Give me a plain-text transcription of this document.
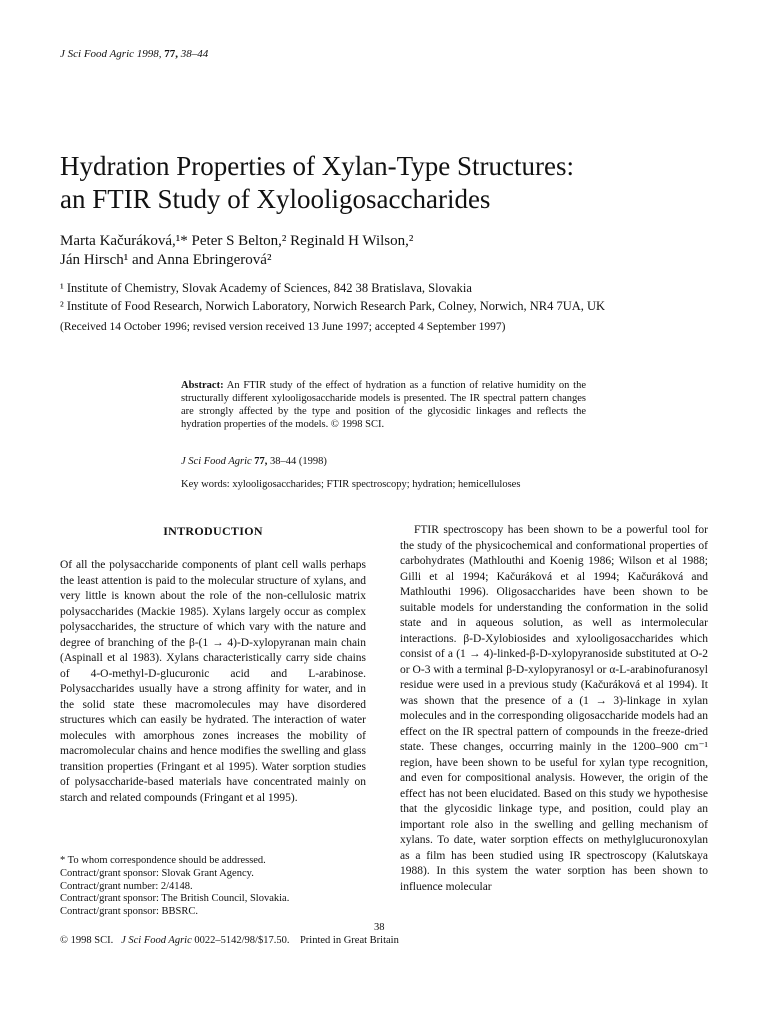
J Sci Food Agric 1998, 77, 38–44
Hydration Properties of Xylan-Type Structures:
an FTIR Study of Xylooligosaccharides
Marta Kačuráková,¹* Peter S Belton,² Reginald H Wilson,²
Ján Hirsch¹ and Anna Ebringerová²
¹ Institute of Chemistry, Slovak Academy of Sciences, 842 38 Bratislava, Slovakia
² Institute of Food Research, Norwich Laboratory, Norwich Research Park, Colney, Norwich, NR4 7UA, UK
(Received 14 October 1996; revised version received 13 June 1997; accepted 4 September 1997)
Abstract: An FTIR study of the effect of hydration as a function of relative humidity on the structurally different xylooligosaccharide models is presented. The IR spectral pattern changes are strongly affected by the type and position of the glycosidic linkages and reflects the hydration properties of the models. © 1998 SCI.
J Sci Food Agric 77, 38–44 (1998)
Key words: xylooligosaccharides; FTIR spectroscopy; hydration; hemicelluloses
INTRODUCTION
Of all the polysaccharide components of plant cell walls perhaps the least attention is paid to the molecular structure of xylans, and very little is known about the role of the non-cellulosic matrix polysaccharides (Mackie 1985). Xylans largely occur as complex polysaccharides, the structure of which vary with the nature and degree of branching of the β-(1 → 4)-D-xylopyranan main chain (Aspinall et al 1983). Xylans characteristically carry side chains of 4-O-methyl-D-glucuronic acid and L-arabinose. Polysaccharides usually have a strong affinity for water, and in the solid state these macromolecules may have disordered structures which can easily be hydrated. The interaction of water molecules with amorphous zones increases the mobility of macromolecular chains and hence modifies the swelling and glass transition properties (Fringant et al 1995). Water sorption studies of polysaccharide-based materials have concentrated mainly on starch and related compounds (Fringant et al 1995).
FTIR spectroscopy has been shown to be a powerful tool for the study of the physicochemical and conformational properties of carbohydrates (Mathlouthi and Koenig 1986; Wilson et al 1988; Gilli et al 1994; Kačuráková et al 1994; Kačuráková and Mathlouthi 1996). Oligosaccharides have been shown to be suitable models for understanding the conformation in the solid state and in aqueous solution, as well as intermolecular interactions. β-D-Xylobiosides and xylooligosaccharides which consist of a (1 → 4)-linked-β-D-xylopyranoside substituted at O-2 or O-3 with a terminal β-D-xylopyranosyl or α-L-arabinofuranosyl residue were used in a previous study (Kačuráková et al 1994). It was shown that the presence of a (1 → 3)-linkage in xylan molecules and in the corresponding oligosaccharide models had an effect on the IR spectral pattern of compounds in the freeze-dried state. These changes, occurring mainly in the 1200–900 cm⁻¹ region, have been shown to be useful for xylan type recognition, and even for compositional analysis. However, the origin of the effect has not been elucidated. Based on this study we hypothesise that the glycosidic linkage type, and position, could play an important role also in the swelling and gelling mechanism of xylans. To date, water sorption effects on methylglucuronoxylan as a film has been studied using IR spectroscopy (Kalutskaya 1988). In this system the water sorption has been shown to influence molecular
* To whom correspondence should be addressed.
Contract/grant sponsor: Slovak Grant Agency.
Contract/grant number: 2/4148.
Contract/grant sponsor: The British Council, Slovakia.
Contract/grant sponsor: BBSRC.
38
© 1998 SCI. J Sci Food Agric 0022–5142/98/$17.50. Printed in Great Britain
